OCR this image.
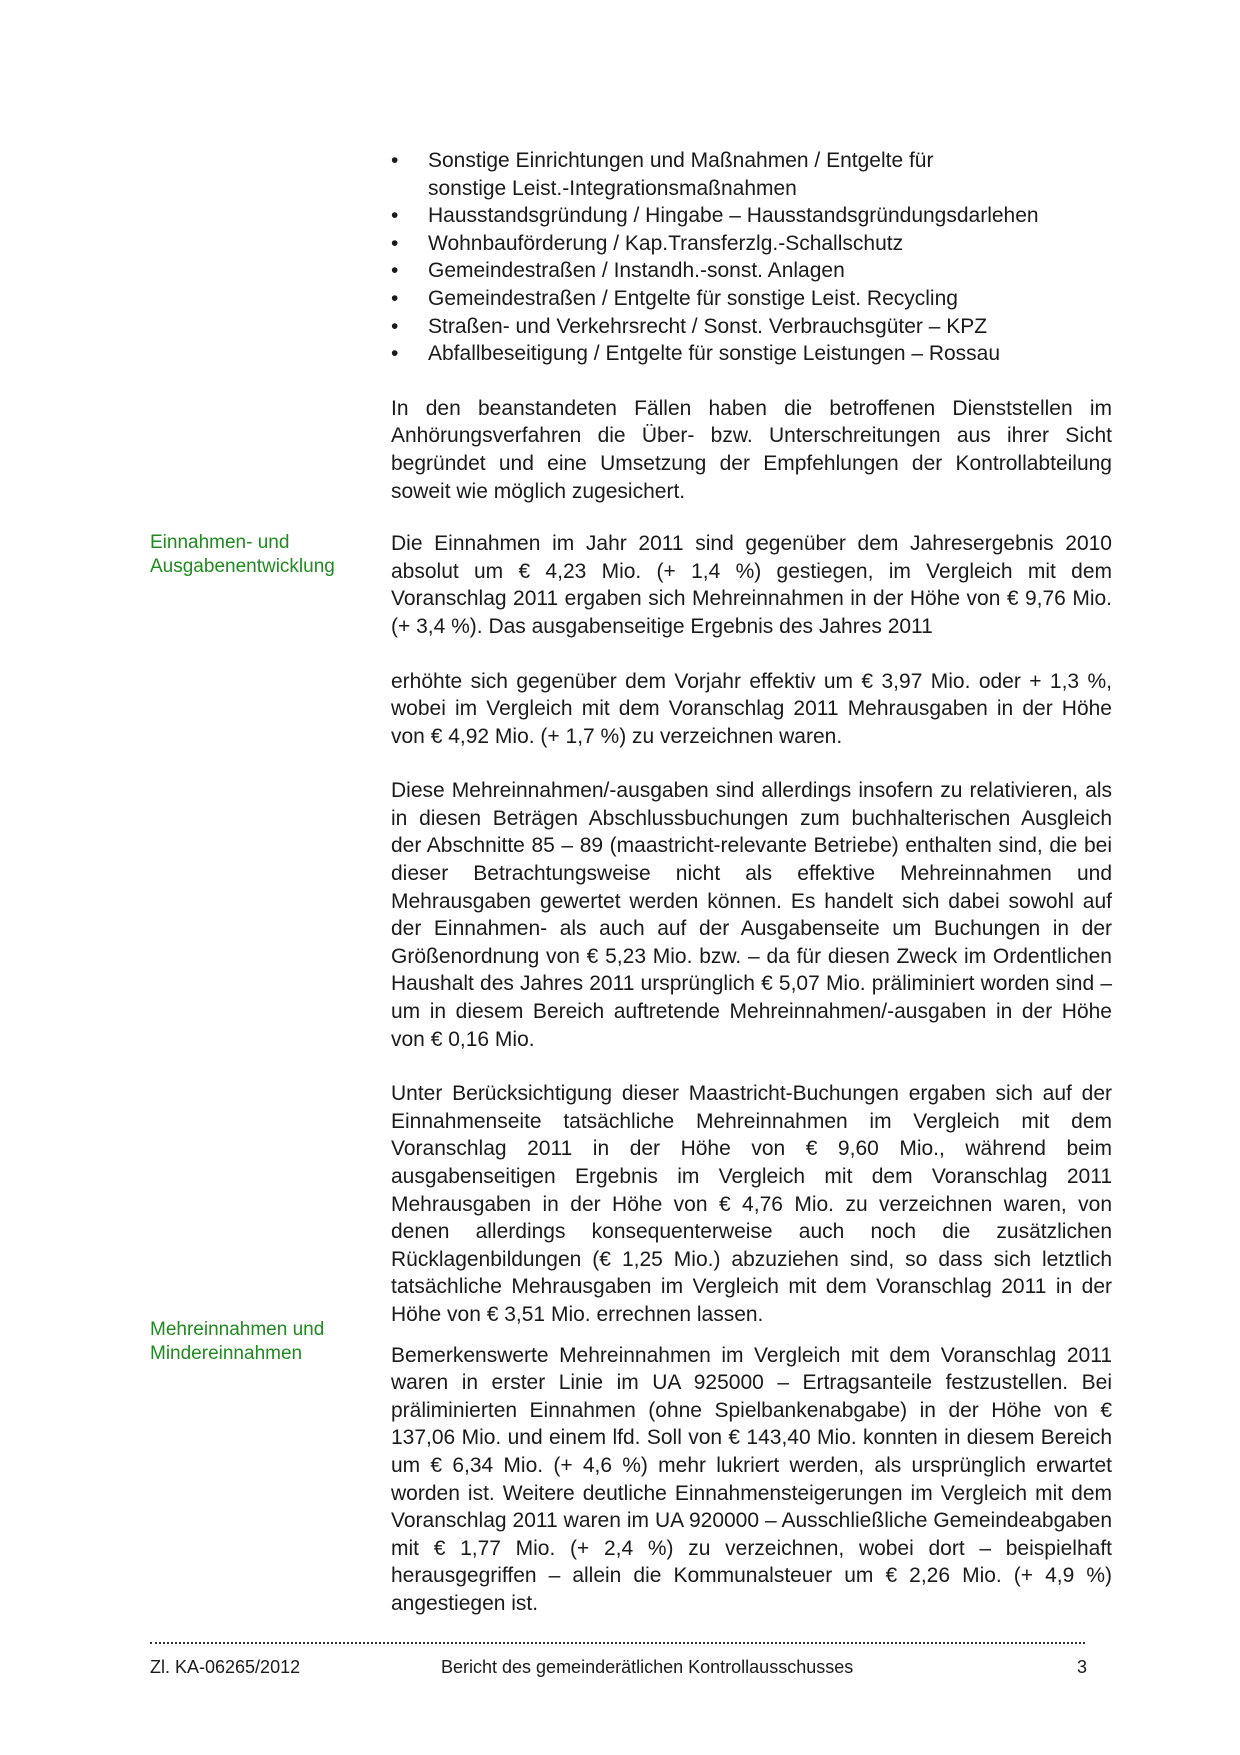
• Sonstige Einrichtungen und Maßnahmen / Entgelte für
sonstige Leist.-Integrationsmaßnahmen
• Hausstandsgründung / Hingabe – Hausstandsgründungsdarlehen
• Wohnbauförderung / Kap.Transferzlg.-Schallschutz
• Gemeindestraßen / Instandh.-sonst. Anlagen
• Gemeindestraßen / Entgelte für sonstige Leist. Recycling
• Straßen- und Verkehrsrecht / Sonst. Verbrauchsgüter – KPZ
• Abfallbeseitigung / Entgelte für sonstige Leistungen – Rossau

In den beanstandeten Fällen haben die betroffenen Dienststellen im Anhörungsverfahren die Über- bzw. Unterschreitungen aus ihrer Sicht begründet und eine Umsetzung der Empfehlungen der Kontrollabteilung soweit wie möglich zugesichert.

Die Einnahmen im Jahr 2011 sind gegenüber dem Jahresergebnis 2010 absolut um € 4,23 Mio. (+ 1,4 %) gestiegen, im Vergleich mit dem Voranschlag 2011 ergaben sich Mehreinnahmen in der Höhe von € 9,76 Mio. (+ 3,4 %). Das ausgabenseitige Ergebnis des Jahres 2011

erhöhte sich gegenüber dem Vorjahr effektiv um € 3,97 Mio. oder + 1,3 %, wobei im Vergleich mit dem Voranschlag 2011 Mehrausgaben in der Höhe von € 4,92 Mio. (+ 1,7 %) zu verzeichnen waren.

Diese Mehreinnahmen/-ausgaben sind allerdings insofern zu relativieren, als in diesen Beträgen Abschlussbuchungen zum buchhalterischen Ausgleich der Abschnitte 85 – 89 (maastricht-relevante Betriebe) enthalten sind, die bei dieser Betrachtungsweise nicht als effektive Mehreinnahmen und Mehrausgaben gewertet werden können. Es handelt sich dabei sowohl auf der Einnahmen- als auch auf der Ausgabenseite um Buchungen in der Größenordnung von € 5,23 Mio. bzw. – da für diesen Zweck im Ordentlichen Haushalt des Jahres 2011 ursprünglich € 5,07 Mio. präliminiert worden sind – um in diesem Bereich auftretende Mehreinnahmen/-ausgaben in der Höhe von € 0,16 Mio.

Unter Berücksichtigung dieser Maastricht-Buchungen ergaben sich auf der Einnahmenseite tatsächliche Mehreinnahmen im Vergleich mit dem Voranschlag 2011 in der Höhe von € 9,60 Mio., während beim ausgabenseitigen Ergebnis im Vergleich mit dem Voranschlag 2011 Mehrausgaben in der Höhe von € 4,76 Mio. zu verzeichnen waren, von denen allerdings konsequenterweise auch noch die zusätzlichen Rücklagenbildungen (€ 1,25 Mio.) abzuziehen sind, so dass sich letztlich tatsächliche Mehrausgaben im Vergleich mit dem Voranschlag 2011 in der Höhe von € 3,51 Mio. errechnen lassen.

Bemerkenswerte Mehreinnahmen im Vergleich mit dem Voranschlag 2011 waren in erster Linie im UA 925000 – Ertragsanteile festzustellen. Bei präliminierten Einnahmen (ohne Spielbankenabgabe) in der Höhe von € 137,06 Mio. und einem lfd. Soll von € 143,40 Mio. konnten in diesem Bereich um € 6,34 Mio. (+ 4,6 %) mehr lukriert werden, als ursprünglich erwartet worden ist. Weitere deutliche Einnahmensteigerungen im Vergleich mit dem Voranschlag 2011 waren im UA 920000 – Ausschließliche Gemeindeabgaben mit € 1,77 Mio. (+ 2,4 %) zu verzeichnen, wobei dort – beispielhaft herausgegriffen – allein die Kommunalsteuer um € 2,26 Mio. (+ 4,9 %) angestiegen ist.

Einnahmen- und
Ausgabenentwicklung
Mehreinnahmen und
Mindereinnahmen
Zl. KA-06265/2012	Bericht des gemeinderätlichen Kontrollausschusses	3
